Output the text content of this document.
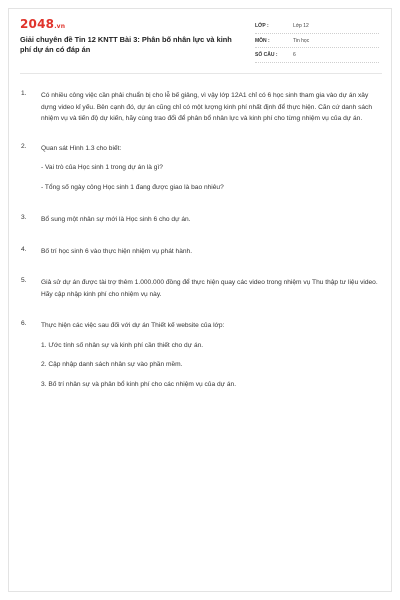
2048.vn
Giải chuyên đề Tin 12 KNTT Bài 3: Phân bố nhân lực và kinh phí dự án có đáp án
LỚP :	Lớp 12
MÔN :	Tin học
SỐ CÂU :	6
1. Có nhiều công việc cần phải chuẩn bị cho lễ bế giảng, vì vậy lớp 12A1 chỉ có 6 học sinh tham gia vào dự án xây dựng video kỉ yếu. Bên cạnh đó, dự án cũng chỉ có một lượng kinh phí nhất định để thực hiện. Căn cứ danh sách nhiệm vụ và tiến độ dự kiến, hãy cùng trao đổi để phân bổ nhân lực và kinh phí cho từng nhiệm vụ của dự án.
2. Quan sát Hình 1.3 cho biết:
- Vai trò của Học sinh 1 trong dự án là gì?
- Tổng số ngày công Học sinh 1 đang được giao là bao nhiêu?
3. Bổ sung một nhân sự mới là Học sinh 6 cho dự án.
4. Bố trí học sinh 6 vào thực hiện nhiệm vụ phát hành.
5. Giả sử dự án được tài trợ thêm 1.000.000 đồng để thực hiện quay các video trong nhiệm vụ Thu thập tư liệu video. Hãy cập nhập kinh phí cho nhiệm vụ này.
6. Thực hiện các việc sau đối với dự án Thiết kế website của lớp:
1. Ước tính số nhân sự và kinh phí cần thiết cho dự án.
2. Cập nhập danh sách nhân sự vào phần mềm.
3. Bố trí nhân sự và phân bổ kinh phí cho các nhiệm vụ của dự án.
